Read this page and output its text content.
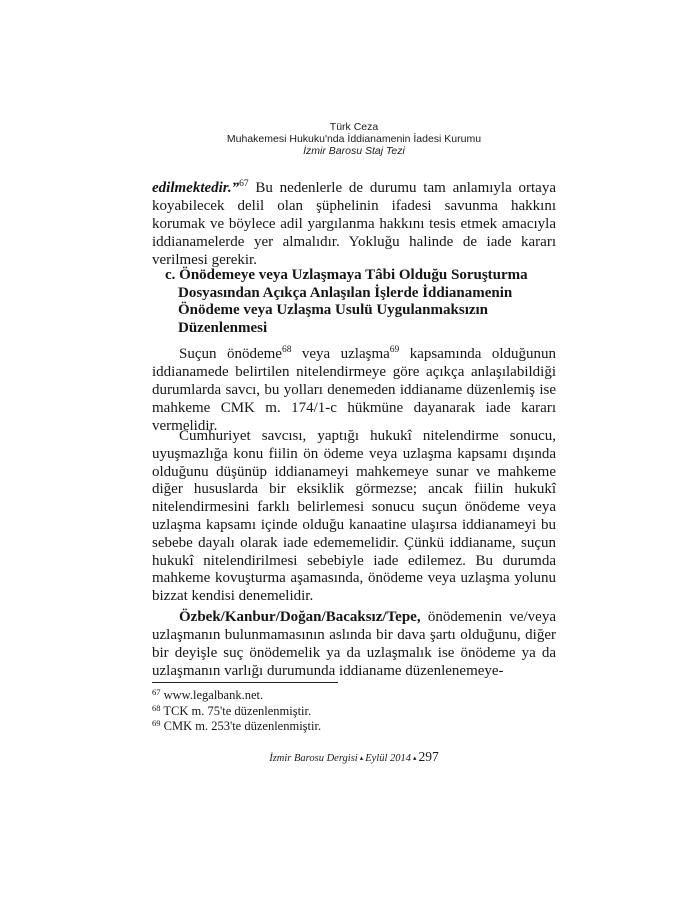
Türk Ceza
Muhakemesi Hukuku'nda İddianamenin İadesi Kurumu
İzmir Barosu Staj Tezi

edilmektedir.”$^{67}$ Bu nedenlerle de durumu tam anlamıyla ortaya koyabilecek delil olan şüphelinin ifadesi savunma hakkını korumak ve böylece adil yargılanma hakkını tesis etmek amacıyla iddianamelerde yer almalıdır. Yokluğu halinde de iade kararı verilmesi gerekir.

c. Önödemeye veya Uzlaşmaya Tâbi Olduğu Soruşturma
Dosyasından Açıkça Anlaşılan İşlerde İddianamenin
Önödeme veya Uzlaşma Usulü Uygulanmaksızın
Düzenlenmesi

Suçun önödeme$^{68}$ veya uzlaşma$^{69}$ kapsamında olduğunun iddianamede belirtilen nitelendirmeye göre açıkça anlaşılabildiği durumlarda savcı, bu yolları denemeden iddianame düzenlemiş ise mahkeme CMK m. 174/1-c hükmüne dayanarak iade kararı vermelidir.

Cumhuriyet savcısı, yaptığı hukukî nitelendirme sonucu, uyuşmazlığa konu fiilin ön ödeme veya uzlaşma kapsamı dışında olduğunu düşünüp iddianameyi mahkemeye sunar ve mahkeme diğer hususlarda bir eksiklik görmezse; ancak fiilin hukukî nitelendirmesini farklı belirlemesi sonucu suçun önödeme veya uzlaşma kapsamı içinde olduğu kanaatine ulaşırsa iddianameyi bu sebebe dayalı olarak iade edememelidir. Çünkü iddianame, suçun hukukî nitelendirilmesi sebebiyle iade edilemez. Bu durumda mahkeme kovuşturma aşamasında, önödeme veya uzlaşma yolunu bizzat kendisi denemelidir.

Özbek/Kanbur/Doğan/Bacaksız/Tepe, önödemenin ve/veya uzlaşmanın bulunmamasının aslında bir dava şartı olduğunu, diğer bir deyişle suç önödemelik ya da uzlaşmalık ise önödeme ya da uzlaşmanın varlığı durumunda iddianame düzenlenemeye-

$^{67}$ www.legalbank.net.
$^{68}$ TCK m. 75'te düzenlenmiştir.
$^{69}$ CMK m. 253'te düzenlenmiştir.
İzmir Barosu Dergisi ▴ Eylül 2014 ▴ 297
